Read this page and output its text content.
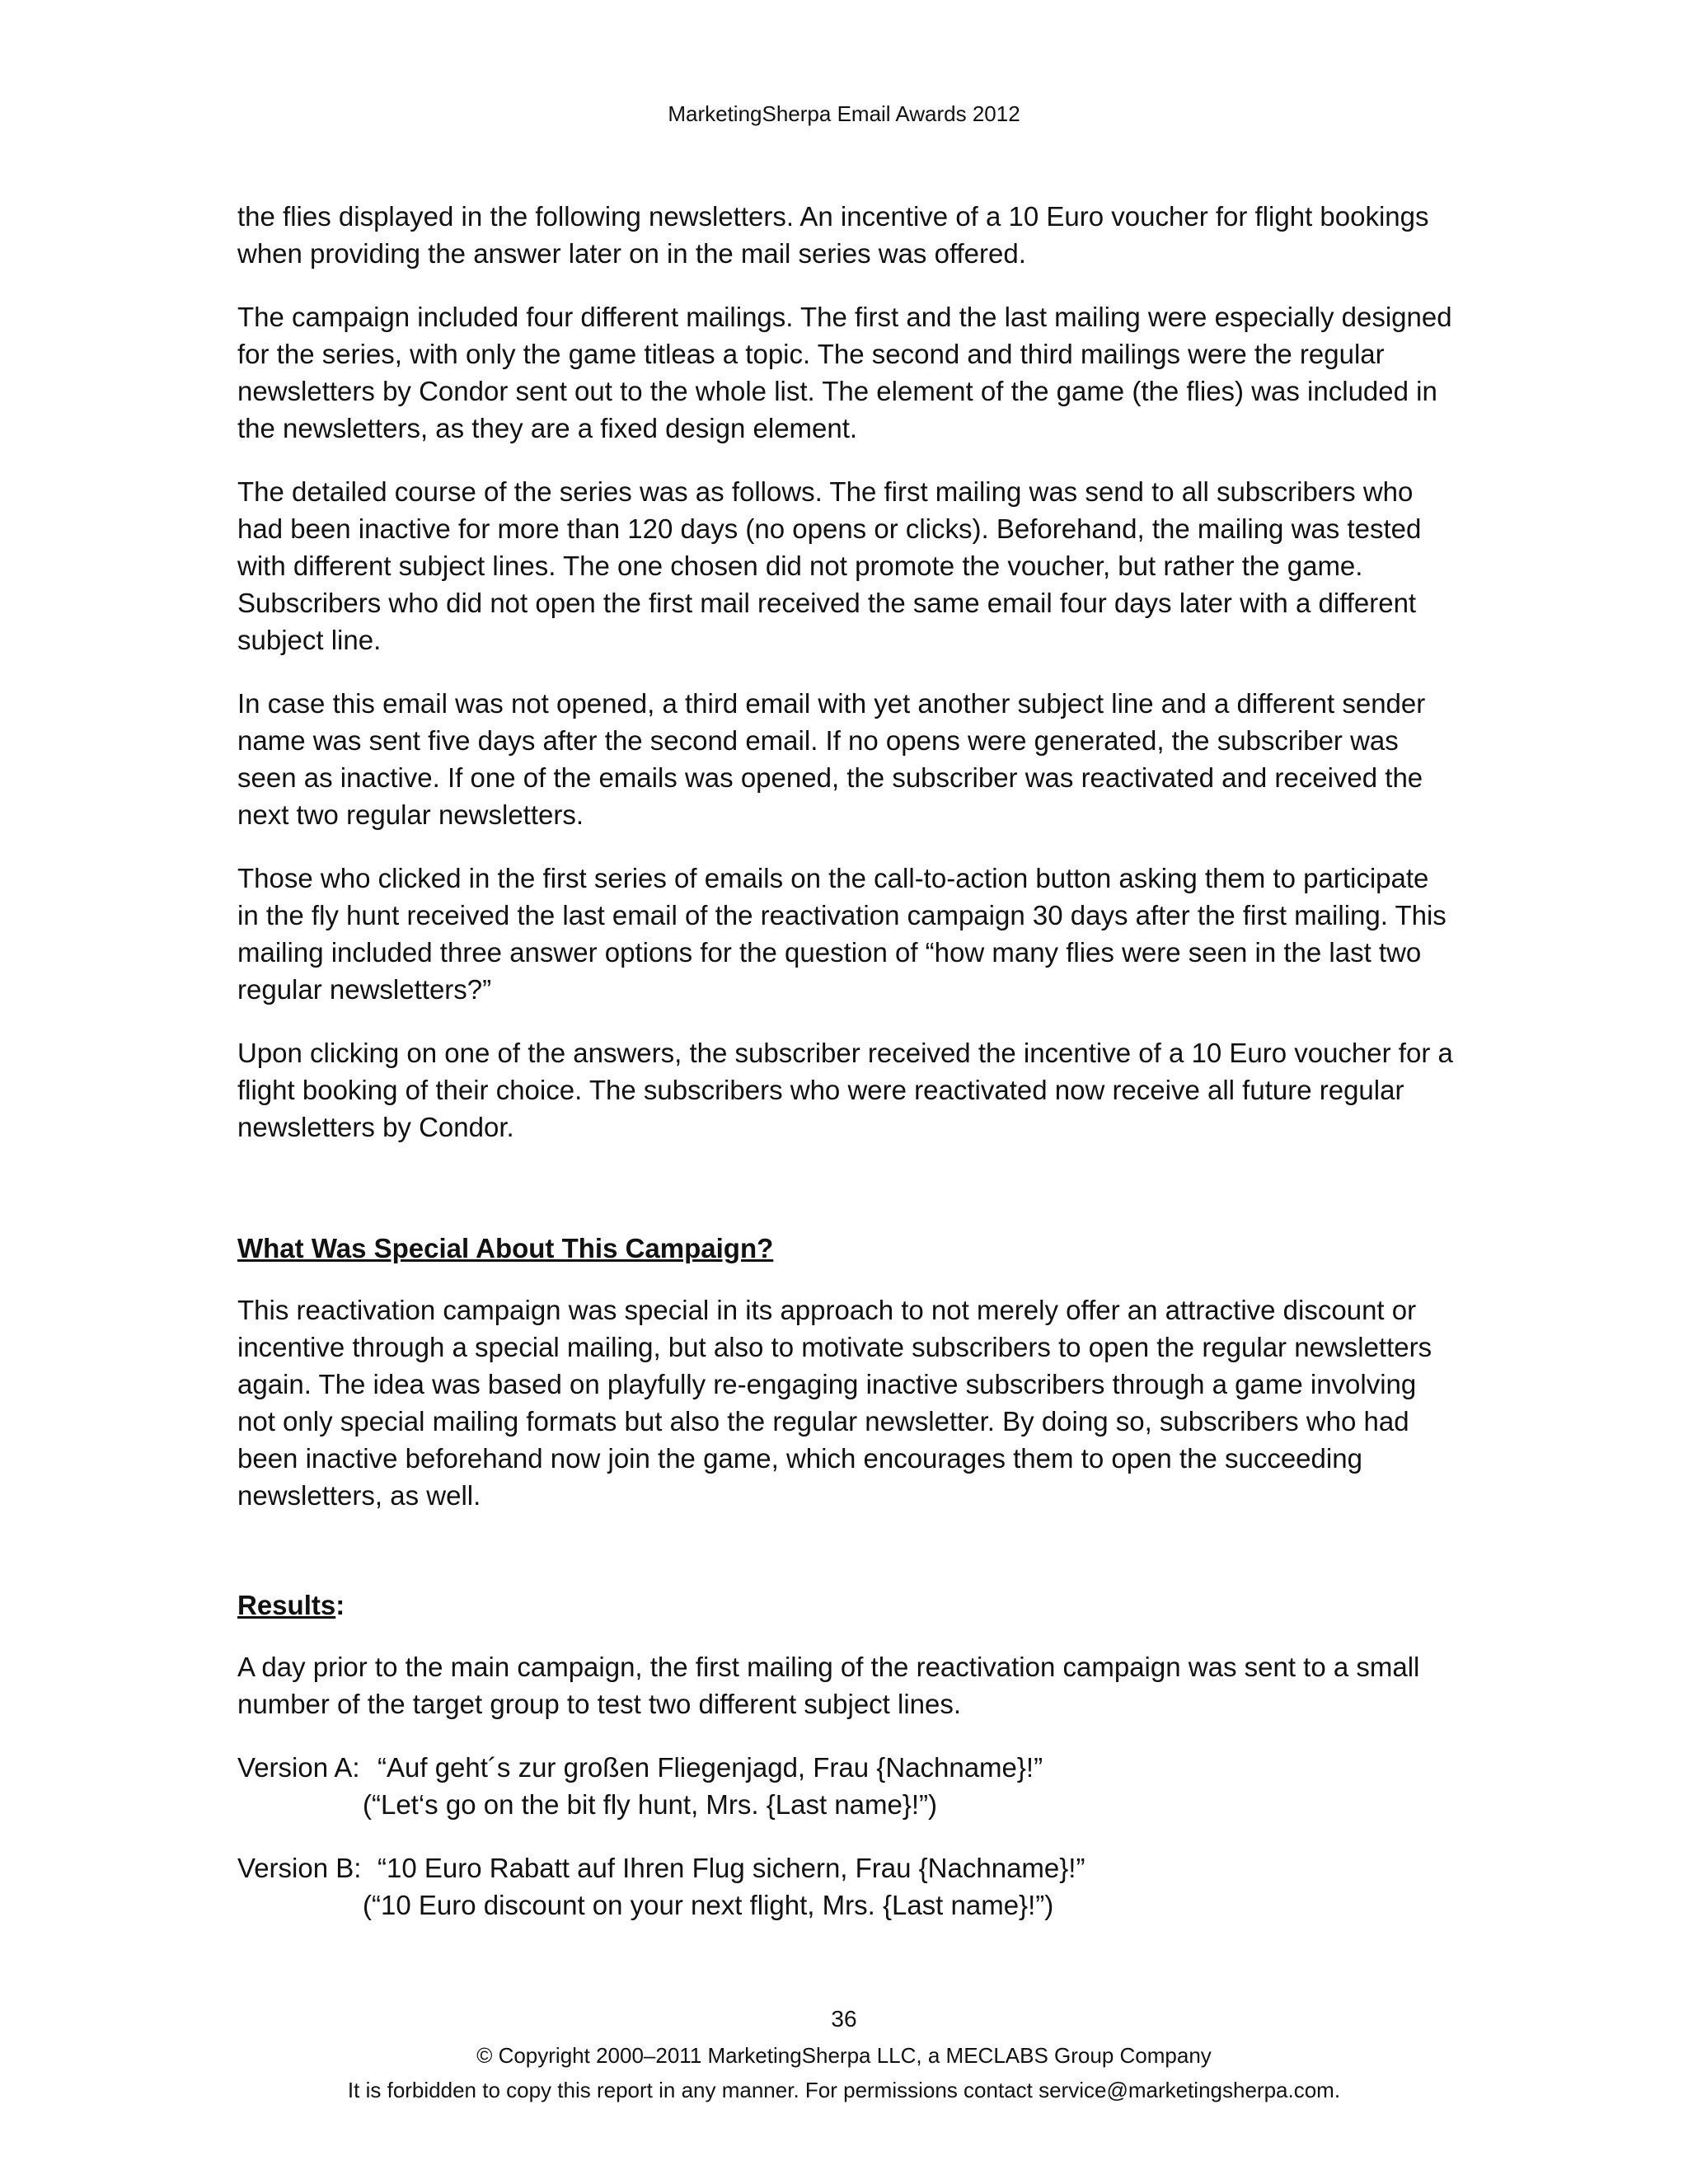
MarketingSherpa Email Awards 2012

the flies displayed in the following newsletters. An incentive of a 10 Euro voucher for flight bookings when providing the answer later on in the mail series was offered.

The campaign included four different mailings. The first and the last mailing were especially designed for the series, with only the game titleas a topic. The second and third mailings were the regular newsletters by Condor sent out to the whole list. The element of the game (the flies) was included in the newsletters, as they are a fixed design element.

The detailed course of the series was as follows. The first mailing was send to all subscribers who had been inactive for more than 120 days (no opens or clicks). Beforehand, the mailing was tested with different subject lines. The one chosen did not promote the voucher, but rather the game. Subscribers who did not open the first mail received the same email four days later with a different subject line.

In case this email was not opened, a third email with yet another subject line and a different sender name was sent five days after the second email. If no opens were generated, the subscriber was seen as inactive. If one of the emails was opened, the subscriber was reactivated and received the next two regular newsletters.

Those who clicked in the first series of emails on the call-to-action button asking them to participate in the fly hunt received the last email of the reactivation campaign 30 days after the first mailing. This mailing included three answer options for the question of “how many flies were seen in the last two regular newsletters?”

Upon clicking on one of the answers, the subscriber received the incentive of a 10 Euro voucher for a flight booking of their choice. The subscribers who were reactivated now receive all future regular newsletters by Condor.

What Was Special About This Campaign?

This reactivation campaign was special in its approach to not merely offer an attractive discount or incentive through a special mailing, but also to motivate subscribers to open the regular newsletters again. The idea was based on playfully re-engaging inactive subscribers through a game involving not only special mailing formats but also the regular newsletter. By doing so, subscribers who had been inactive beforehand now join the game, which encourages them to open the succeeding newsletters, as well.

Results:

A day prior to the main campaign, the first mailing of the reactivation campaign was sent to a small number of the target group to test two different subject lines.

Version A: “Auf geht´s zur großen Fliegenjagd, Frau {Nachname}!”
(“Let‘s go on the bit fly hunt, Mrs. {Last name}!”)
Version B: “10 Euro Rabatt auf Ihren Flug sichern, Frau {Nachname}!”
(“10 Euro discount on your next flight, Mrs. {Last name}!”)
36
© Copyright 2000–2011 MarketingSherpa LLC, a MECLABS Group Company
It is forbidden to copy this report in any manner. For permissions contact service@marketingsherpa.com.
